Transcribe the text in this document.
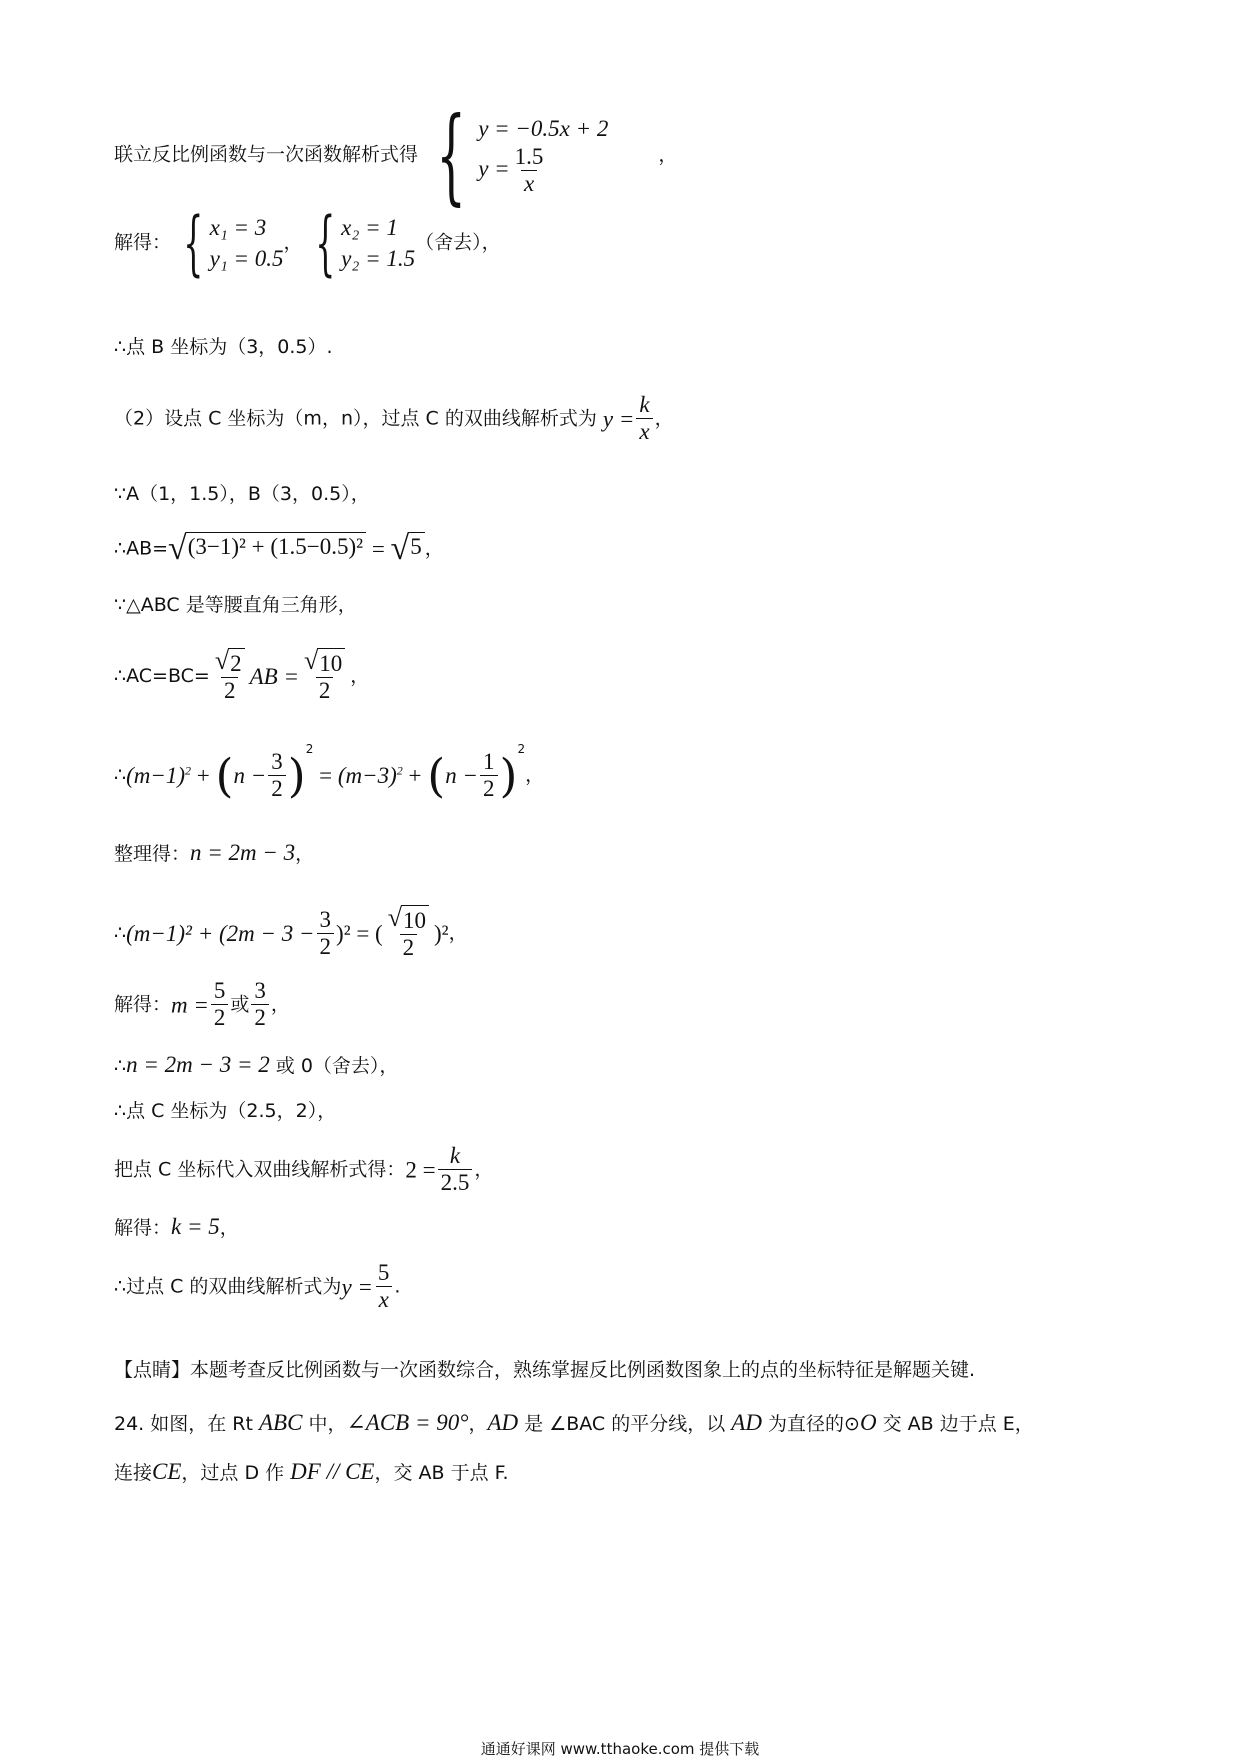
联立反比例函数与一次函数解析式得 { y = −0.5x + 2
$y = \frac{1.5}{x}$	，
解得： { x₁ = 3
y₁ = 0.5
， { x₂ = 1
y₂ = 1.5
（舍去），
∴点 B 坐标为（3，0.5）.
（2）设点 C 坐标为（m，n），过点 C 的双曲线解析式为 $y = \frac{k}{x}$ ，
∵A（1，1.5），B（3，0.5），
∴AB= √ (3−1)² + (1.5−0.5)² = √ 5 ，
∵△ABC 是等腰直角三角形，
∴AC=BC= $\frac{√ 2}{2}$ AB = $\frac{√ 10}{2}$ ，
$\therefore(m-1)^2 + (n - \frac{3}{2} )^2 = (m-3)^2 + (n - \frac{1}{2} )^2$，
整理得：n = 2m − 3，
∴(m−1)² + $(2m - 3 - \frac{3}{2} )^2$ = ( $\frac{√ 10}{2} )^2$，
解得：$m = \frac{5}{2}$ 或 $\frac{3}{2}$ ，
∴n = 2m − 3 = 2 或 0（舍去），
∴点 C 坐标为（2.5，2），
把点 C 坐标代入双曲线解析式得：$2 = \frac{k}{2.5}$ ，
解得：k = 5，
∴过点 C 的双曲线解析式为$y = \frac{5}{x}$ .
【点睛】本题考查反比例函数与一次函数综合，熟练掌握反比例函数图象上的点的坐标特征是解题关键.
24. 如图，在 Rt ABC 中，∠ACB = 90°，AD 是 ∠BAC 的平分线，以 AD 为直径的⊙O 交 AB 边于点 E，
连接CE，过点 D 作 DF // CE，交 AB 于点 F.
通通好课网 www.tthaoke.com 提供下载
